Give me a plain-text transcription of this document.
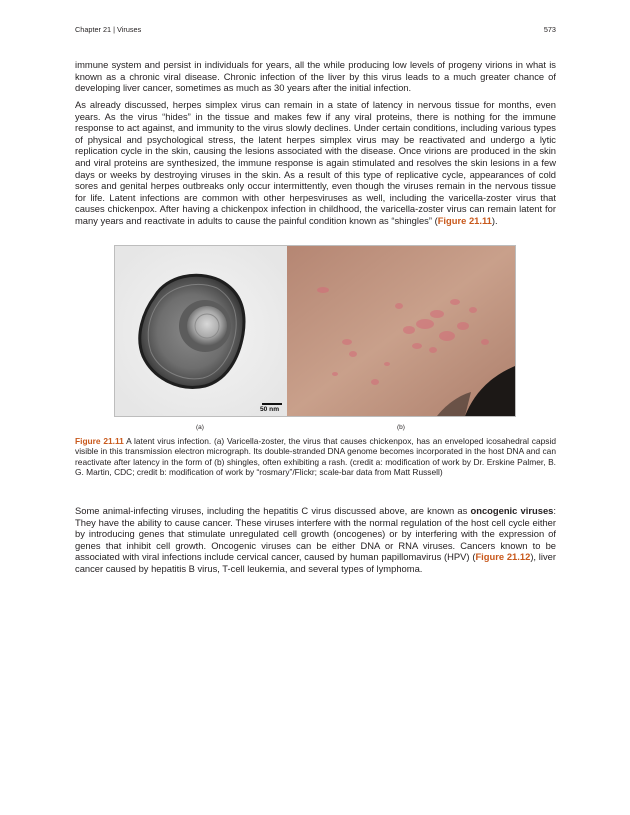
Chapter 21 | Viruses	573

immune system and persist in individuals for years, all the while producing low levels of progeny virions in what is known as a chronic viral disease. Chronic infection of the liver by this virus leads to a much greater chance of developing liver cancer, sometimes as much as 30 years after the initial infection.

As already discussed, herpes simplex virus can remain in a state of latency in nervous tissue for months, even years. As the virus “hides” in the tissue and makes few if any viral proteins, there is nothing for the immune response to act against, and immunity to the virus slowly declines. Under certain conditions, including various types of physical and psychological stress, the latent herpes simplex virus may be reactivated and undergo a lytic replication cycle in the skin, causing the lesions associated with the disease. Once virions are produced in the skin and viral proteins are synthesized, the immune response is again stimulated and resolves the skin lesions in a few days or weeks by destroying viruses in the skin. As a result of this type of replicative cycle, appearances of cold sores and genital herpes outbreaks only occur intermittently, even though the viruses remain in the nervous tissue for life. Latent infections are common with other herpesviruses as well, including the varicella-zoster virus that causes chickenpox. After having a chickenpox infection in childhood, the varicella-zoster virus can remain latent for many years and reactivate in adults to cause the painful condition known as “shingles” (Figure 21.11).

50 nm
(a)	(b)

Figure 21.11 A latent virus infection. (a) Varicella-zoster, the virus that causes chickenpox, has an enveloped icosahedral capsid visible in this transmission electron micrograph. Its double-stranded DNA genome becomes incorporated in the host DNA and can reactivate after latency in the form of (b) shingles, often exhibiting a rash. (credit a: modification of work by Dr. Erskine Palmer, B. G. Martin, CDC; credit b: modification of work by “rosmary”/Flickr; scale-bar data from Matt Russell)

Some animal-infecting viruses, including the hepatitis C virus discussed above, are known as oncogenic viruses: They have the ability to cause cancer. These viruses interfere with the normal regulation of the host cell cycle either by introducing genes that stimulate unregulated cell growth (oncogenes) or by interfering with the expression of genes that inhibit cell growth. Oncogenic viruses can be either DNA or RNA viruses. Cancers known to be associated with viral infections include cervical cancer, caused by human papillomavirus (HPV) (Figure 21.12), liver cancer caused by hepatitis B virus, T-cell leukemia, and several types of lymphoma.
